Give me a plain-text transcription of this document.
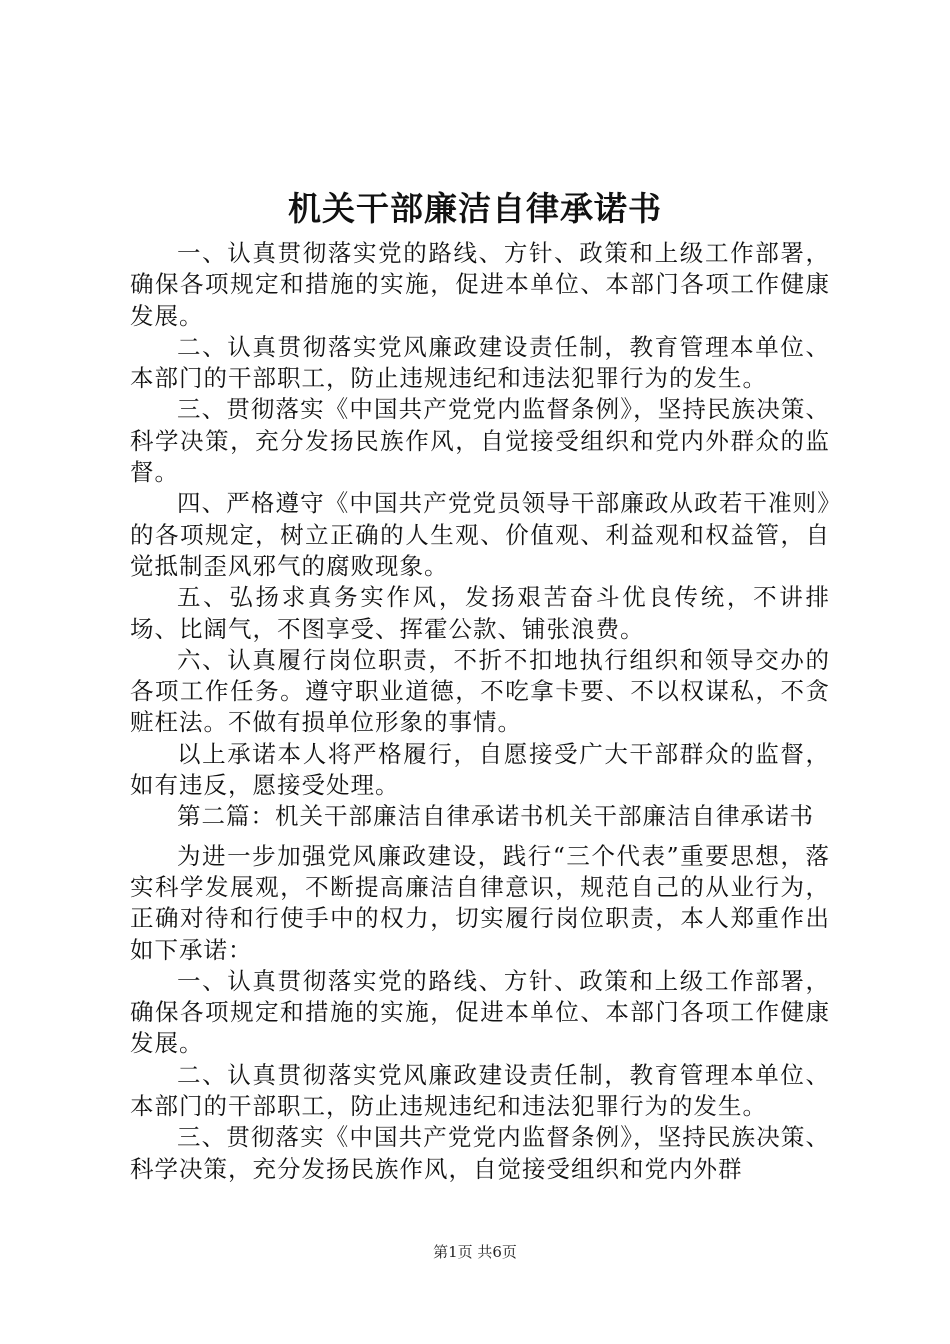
机关干部廉洁自律承诺书

一、认真贯彻落实党的路线、方针、政策和上级工作部署，确保各项规定和措施的实施，促进本单位、本部门各项工作健康发展。

二、认真贯彻落实党风廉政建设责任制，教育管理本单位、本部门的干部职工，防止违规违纪和违法犯罪行为的发生。

三、贯彻落实《中国共产党党内监督条例》，坚持民族决策、科学决策，充分发扬民族作风，自觉接受组织和党内外群众的监督。

四、严格遵守《中国共产党党员领导干部廉政从政若干准则》的各项规定，树立正确的人生观、价值观、利益观和权益管，自觉抵制歪风邪气的腐败现象。

五、弘扬求真务实作风，发扬艰苦奋斗优良传统，不讲排场、比阔气，不图享受、挥霍公款、铺张浪费。

六、认真履行岗位职责，不折不扣地执行组织和领导交办的各项工作任务。遵守职业道德，不吃拿卡要、不以权谋私，不贪赃枉法。不做有损单位形象的事情。

以上承诺本人将严格履行，自愿接受广大干部群众的监督，如有违反，愿接受处理。

第二篇：机关干部廉洁自律承诺书机关干部廉洁自律承诺书

为进一步加强党风廉政建设，践行“三个代表”重要思想，落实科学发展观，不断提高廉洁自律意识，规范自己的从业行为，正确对待和行使手中的权力，切实履行岗位职责，本人郑重作出如下承诺：

一、认真贯彻落实党的路线、方针、政策和上级工作部署，确保各项规定和措施的实施，促进本单位、本部门各项工作健康发展。

二、认真贯彻落实党风廉政建设责任制，教育管理本单位、本部门的干部职工，防止违规违纪和违法犯罪行为的发生。

三、贯彻落实《中国共产党党内监督条例》，坚持民族决策、科学决策，充分发扬民族作风，自觉接受组织和党内外群

第1页 共6页
